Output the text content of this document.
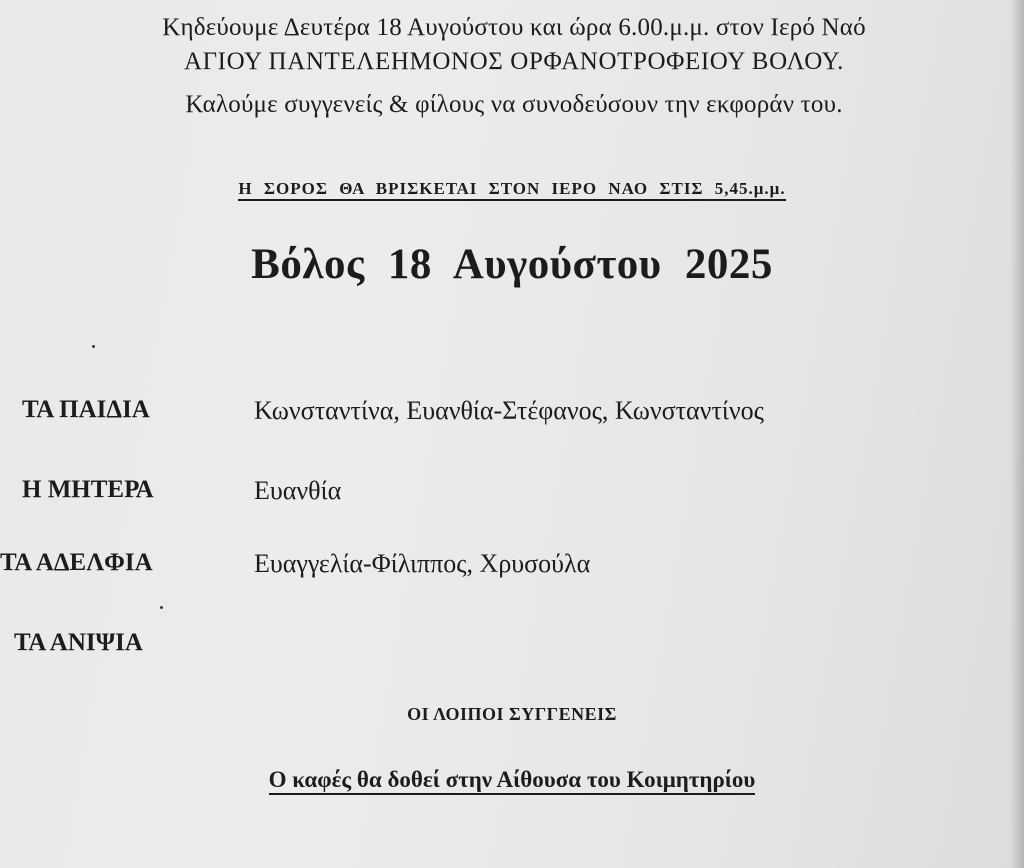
Κηδεύουμε Δευτέρα 18 Αυγούστου και ώρα 6.00.μ.μ. στον Ιερό Ναό
ΑΓΙΟΥ ΠΑΝΤΕΛΕΗΜΟΝΟΣ ΟΡΦΑΝΟΤΡΟΦΕΙΟΥ ΒΟΛΟΥ.
Καλούμε συγγενείς & φίλους να συνοδεύσουν την εκφοράν του.
Η ΣΟΡΟΣ ΘΑ ΒΡΙΣΚΕΤΑΙ ΣΤΟΝ ΙΕΡΟ ΝΑΟ ΣΤΙΣ 5,45.μ.μ.
Βόλος 18 Αυγούστου 2025
ΤΑ ΠΑΙΔΙΑ	Κωνσταντίνα, Ευανθία-Στέφανος, Κωνσταντίνος
Η ΜΗΤΕΡΑ	Ευανθία
ΤΑ ΑΔΕΛΦΙΑ	Ευαγγελία-Φίλιππος, Χρυσούλα
ΤΑ ΑΝΙΨΙΑ
ΟΙ ΛΟΙΠΟΙ ΣΥΓΓΕΝΕΙΣ
Ο καφές θα δοθεί στην Αίθουσα του Κοιμητηρίου
